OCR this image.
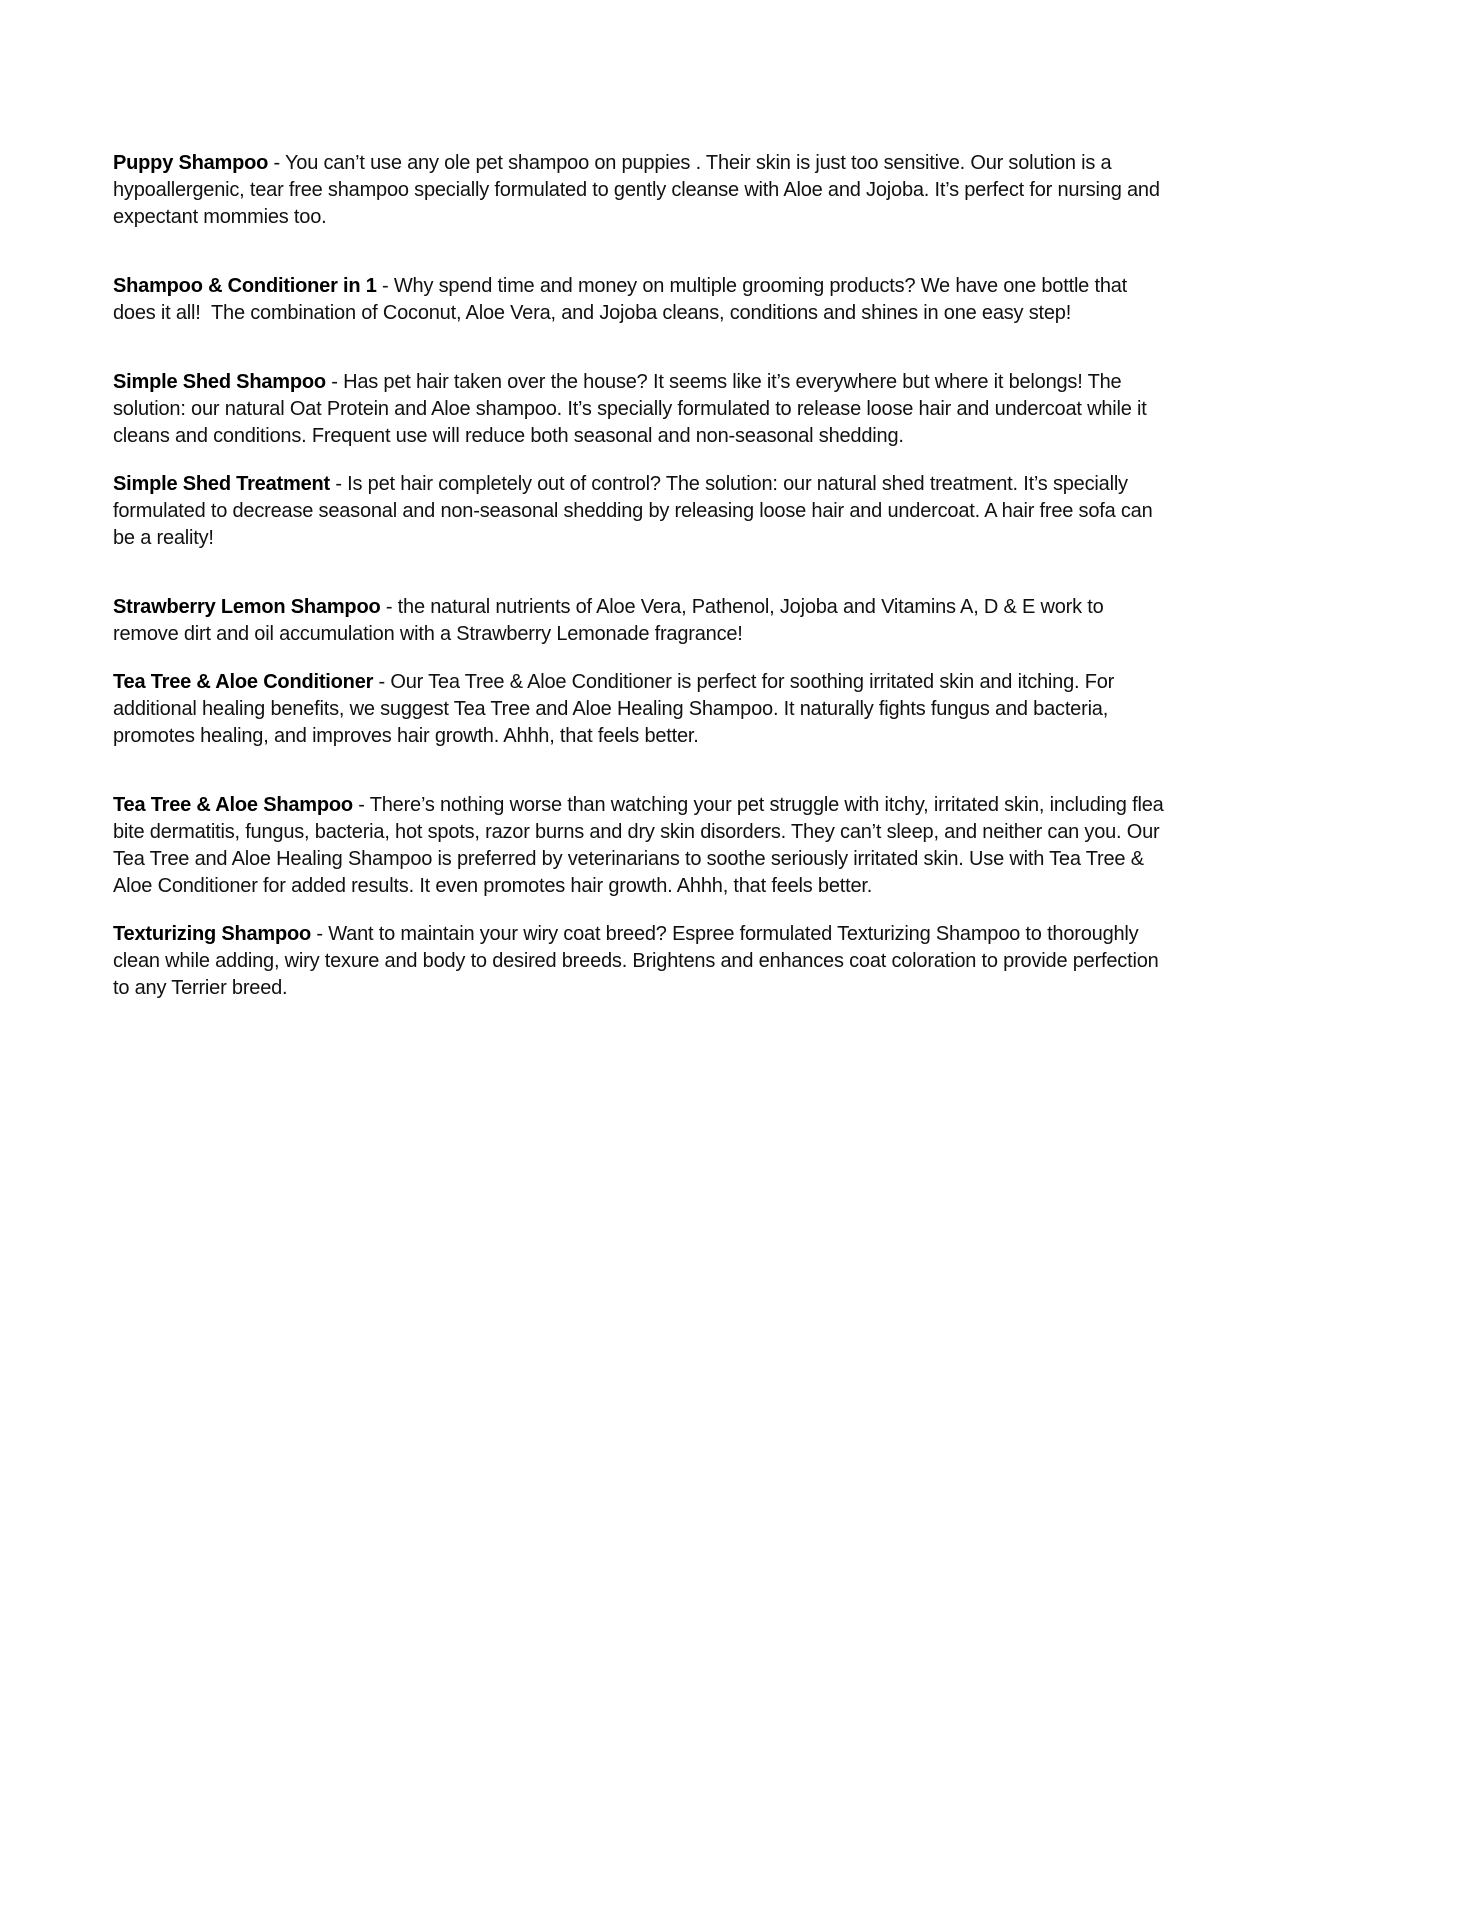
Puppy Shampoo - You can’t use any ole pet shampoo on puppies . Their skin is just too sensitive. Our solution is a hypoallergenic, tear free shampoo specially formulated to gently cleanse with Aloe and Jojoba. It’s perfect for nursing and expectant mommies too.

Shampoo & Conditioner in 1 - Why spend time and money on multiple grooming products? We have one bottle that does it all!  The combination of Coconut, Aloe Vera, and Jojoba cleans, conditions and shines in one easy step!

Simple Shed Shampoo - Has pet hair taken over the house? It seems like it’s everywhere but where it belongs! The solution: our natural Oat Protein and Aloe shampoo. It’s specially formulated to release loose hair and undercoat while it cleans and conditions. Frequent use will reduce both seasonal and non-seasonal shedding.

Simple Shed Treatment - Is pet hair completely out of control? The solution: our natural shed treatment. It’s specially formulated to decrease seasonal and non-seasonal shedding by releasing loose hair and undercoat. A hair free sofa can be a reality!

Strawberry Lemon Shampoo - the natural nutrients of Aloe Vera, Pathenol, Jojoba and Vitamins A, D & E work to remove dirt and oil accumulation with a Strawberry Lemonade fragrance!

Tea Tree & Aloe Conditioner - Our Tea Tree & Aloe Conditioner is perfect for soothing irritated skin and itching. For additional healing benefits, we suggest Tea Tree and Aloe Healing Shampoo. It naturally fights fungus and bacteria, promotes healing, and improves hair growth. Ahhh, that feels better.

Tea Tree & Aloe Shampoo - There’s nothing worse than watching your pet struggle with itchy, irritated skin, including flea bite dermatitis, fungus, bacteria, hot spots, razor burns and dry skin disorders. They can’t sleep, and neither can you. Our Tea Tree and Aloe Healing Shampoo is preferred by veterinarians to soothe seriously irritated skin. Use with Tea Tree & Aloe Conditioner for added results. It even promotes hair growth. Ahhh, that feels better.

Texturizing Shampoo - Want to maintain your wiry coat breed? Espree formulated Texturizing Shampoo to thoroughly clean while adding, wiry texure and body to desired breeds. Brightens and enhances coat coloration to provide perfection to any Terrier breed.
